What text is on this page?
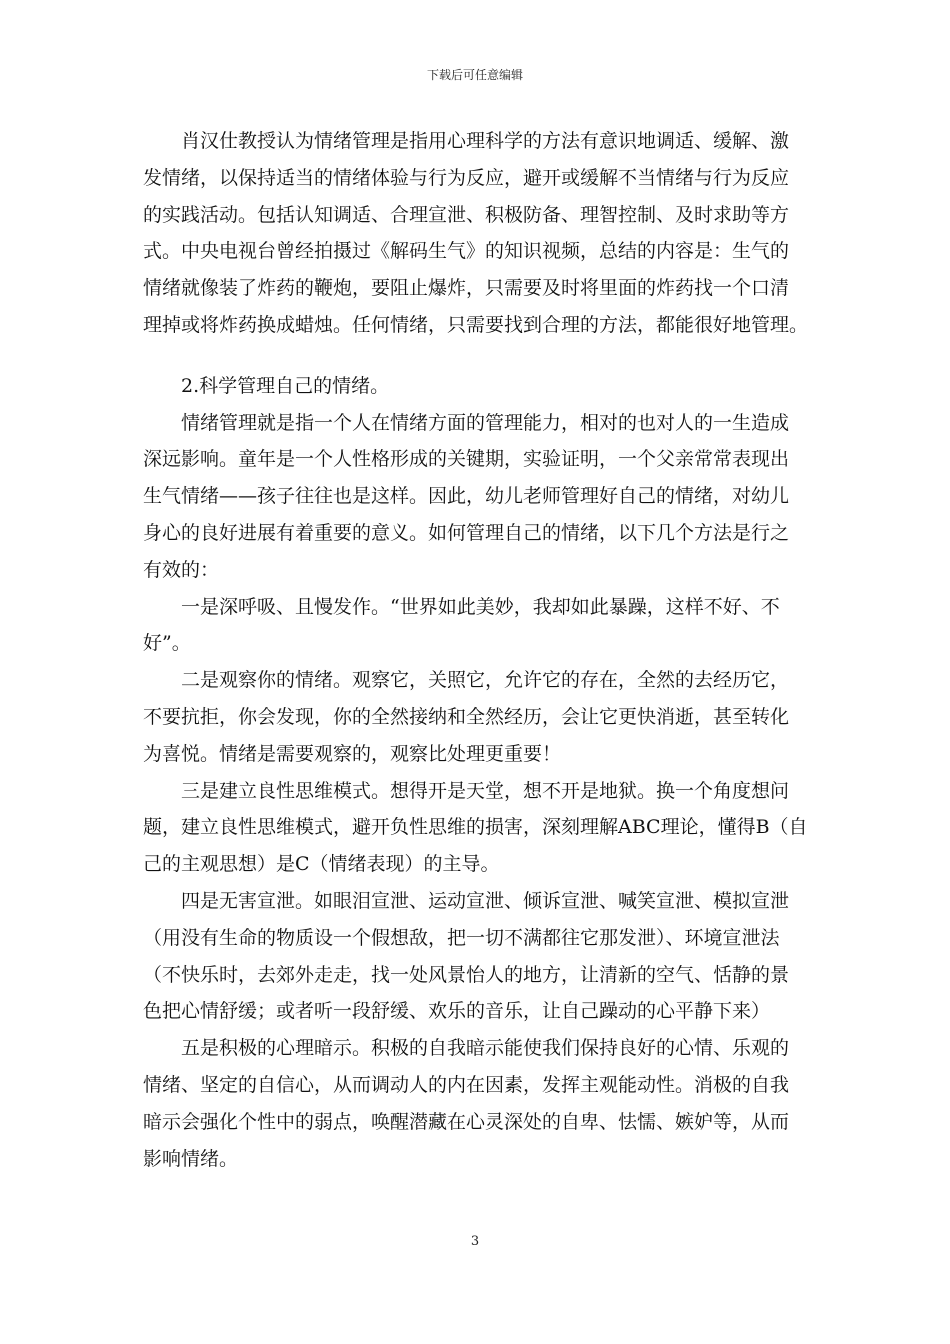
下载后可任意编辑
肖汉仕教授认为情绪管理是指用心理科学的方法有意识地调适、缓解、激
发情绪，以保持适当的情绪体验与行为反应，避开或缓解不当情绪与行为反应
的实践活动。包括认知调适、合理宣泄、积极防备、理智控制、及时求助等方
式。中央电视台曾经拍摄过《解码生气》的知识视频，总结的内容是：生气的
情绪就像装了炸药的鞭炮，要阻止爆炸，只需要及时将里面的炸药找一个口清
理掉或将炸药换成蜡烛。任何情绪，只需要找到合理的方法，都能很好地管理。
2.科学管理自己的情绪。
情绪管理就是指一个人在情绪方面的管理能力，相对的也对人的一生造成
深远影响。童年是一个人性格形成的关键期，实验证明，一个父亲常常表现出
生气情绪——孩子往往也是这样。因此，幼儿老师管理好自己的情绪，对幼儿
身心的良好进展有着重要的意义。如何管理自己的情绪，以下几个方法是行之
有效的：
一是深呼吸、且慢发作。“世界如此美妙，我却如此暴躁，这样不好、不
好”。
二是观察你的情绪。观察它，关照它，允许它的存在，全然的去经历它，
不要抗拒，你会发现，你的全然接纳和全然经历，会让它更快消逝，甚至转化
为喜悦。情绪是需要观察的，观察比处理更重要！
三是建立良性思维模式。想得开是天堂，想不开是地狱。换一个角度想问
题，建立良性思维模式，避开负性思维的损害，深刻理解ABC理论，懂得B（自
己的主观思想）是C（情绪表现）的主导。
四是无害宣泄。如眼泪宣泄、运动宣泄、倾诉宣泄、喊笑宣泄、模拟宣泄
（用没有生命的物质设一个假想敌，把一切不满都往它那发泄）、环境宣泄法
（不快乐时，去郊外走走，找一处风景怡人的地方，让清新的空气、恬静的景
色把心情舒缓；或者听一段舒缓、欢乐的音乐，让自己躁动的心平静下来）
五是积极的心理暗示。积极的自我暗示能使我们保持良好的心情、乐观的
情绪、坚定的自信心，从而调动人的内在因素，发挥主观能动性。消极的自我
暗示会强化个性中的弱点，唤醒潜藏在心灵深处的自卑、怯懦、嫉妒等，从而
影响情绪。
3
